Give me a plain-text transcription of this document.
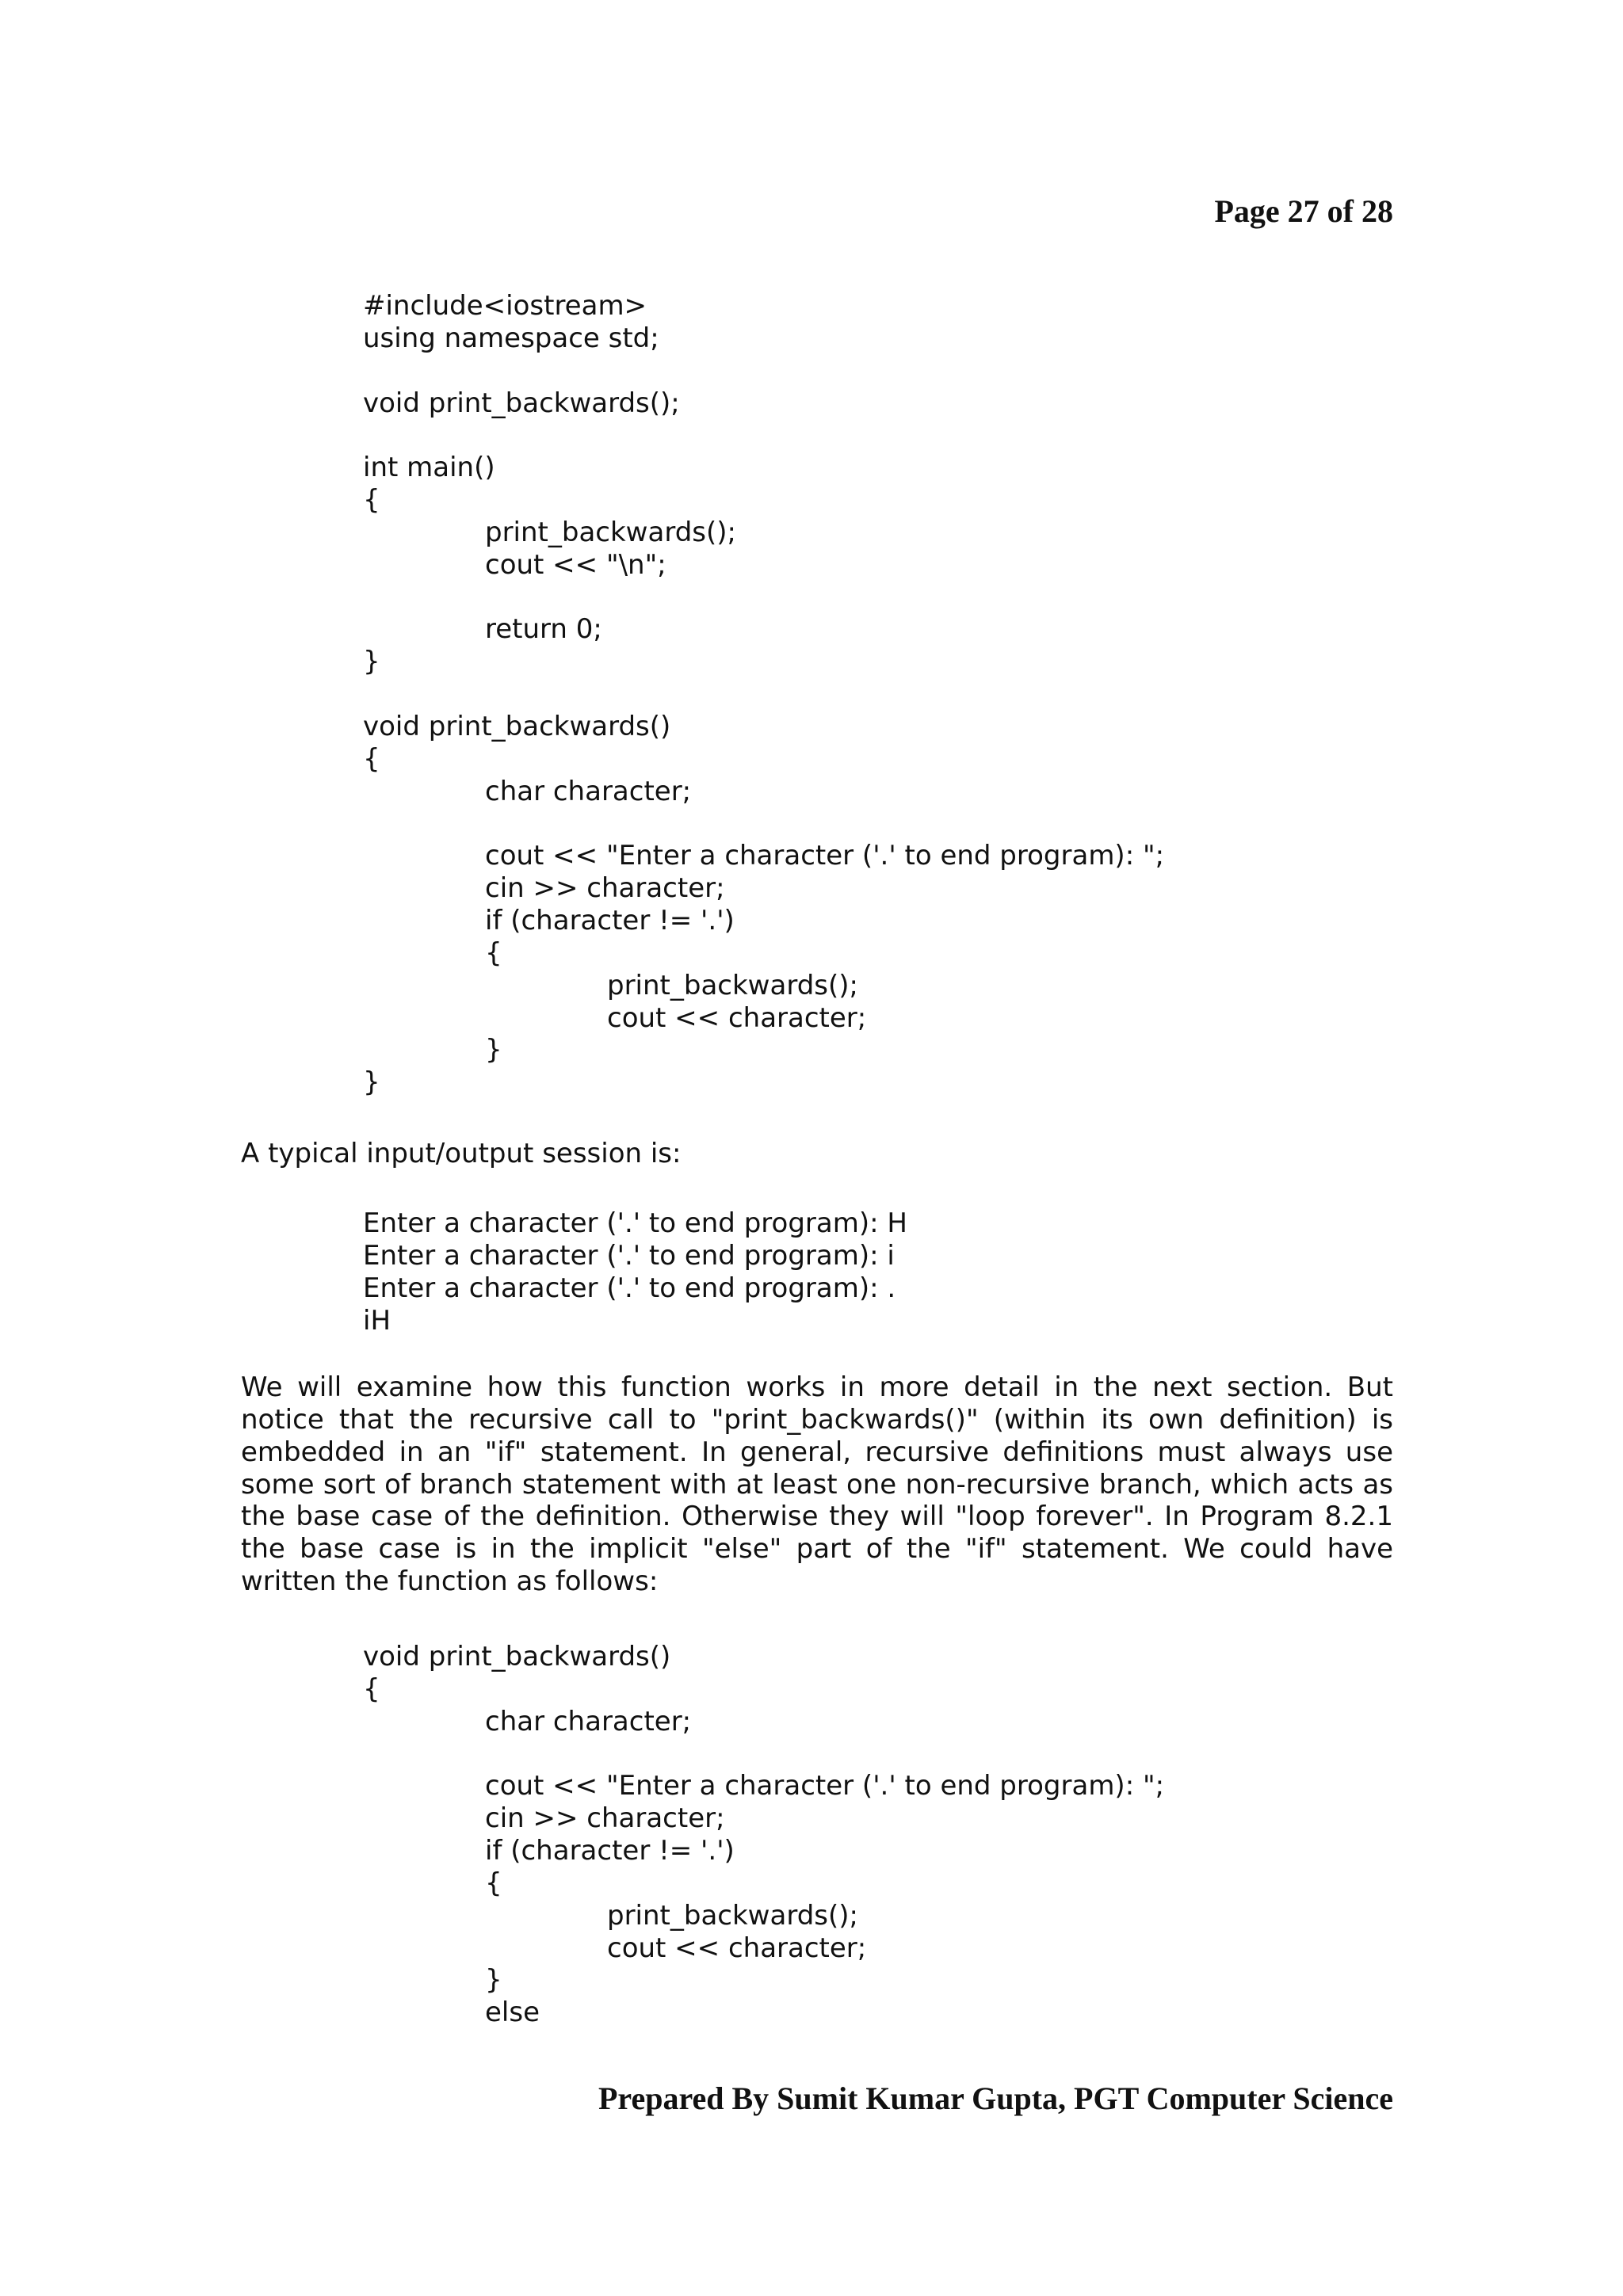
Page 27 of 28
#include<iostream>
using namespace std;
void print_backwards();
int main()
{
print_backwards();
cout << "\n";
return 0;
}
void print_backwards()
{
char character;
cout << "Enter a character ('.' to end program): ";
cin >> character;
if (character != '.')
{
print_backwards();
cout << character;
}
}
A typical input/output session is:
Enter a character ('.' to end program): H
Enter a character ('.' to end program): i
Enter a character ('.' to end program): .
iH
We will examine how this function works in more detail in the next section. But
notice that the recursive call to "print_backwards()" (within its own definition) is
embedded in an "if" statement. In general, recursive definitions must always use
some sort of branch statement with at least one non-recursive branch, which acts as
the base case of the definition. Otherwise they will "loop forever". In Program 8.2.1
the base case is in the implicit "else" part of the "if" statement. We could have
written the function as follows:
void print_backwards()
{
char character;
cout << "Enter a character ('.' to end program): ";
cin >> character;
if (character != '.')
{
print_backwards();
cout << character;
}
else
Prepared By Sumit Kumar Gupta, PGT Computer Science
